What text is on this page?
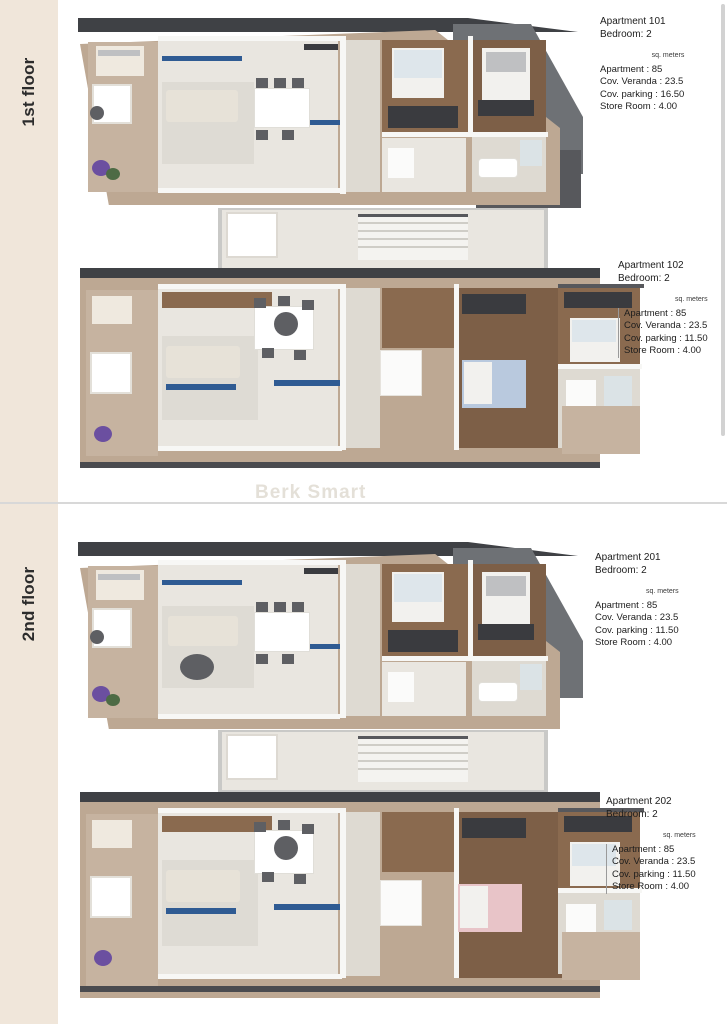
1st floor
Apartment 101
Bedroom: 2
sq. meters
Apartment : 85
Cov. Veranda : 23.5
Cov. parking : 16.50
Store Room : 4.00
Apartment 102
Bedroom: 2
sq. meters
Apartment : 85
Cov. Veranda : 23.5
Cov. parking : 11.50
Store Room : 4.00
2nd floor
Apartment 201
Bedroom: 2
sq. meters
Apartment : 85
Cov. Veranda : 23.5
Cov. parking : 11.50
Store Room : 4.00
Apartment 202
Bedroom: 2
sq. meters
Apartment : 85
Cov. Veranda : 23.5
Cov. parking : 11.50
Store Room : 4.00
Berk Smart
